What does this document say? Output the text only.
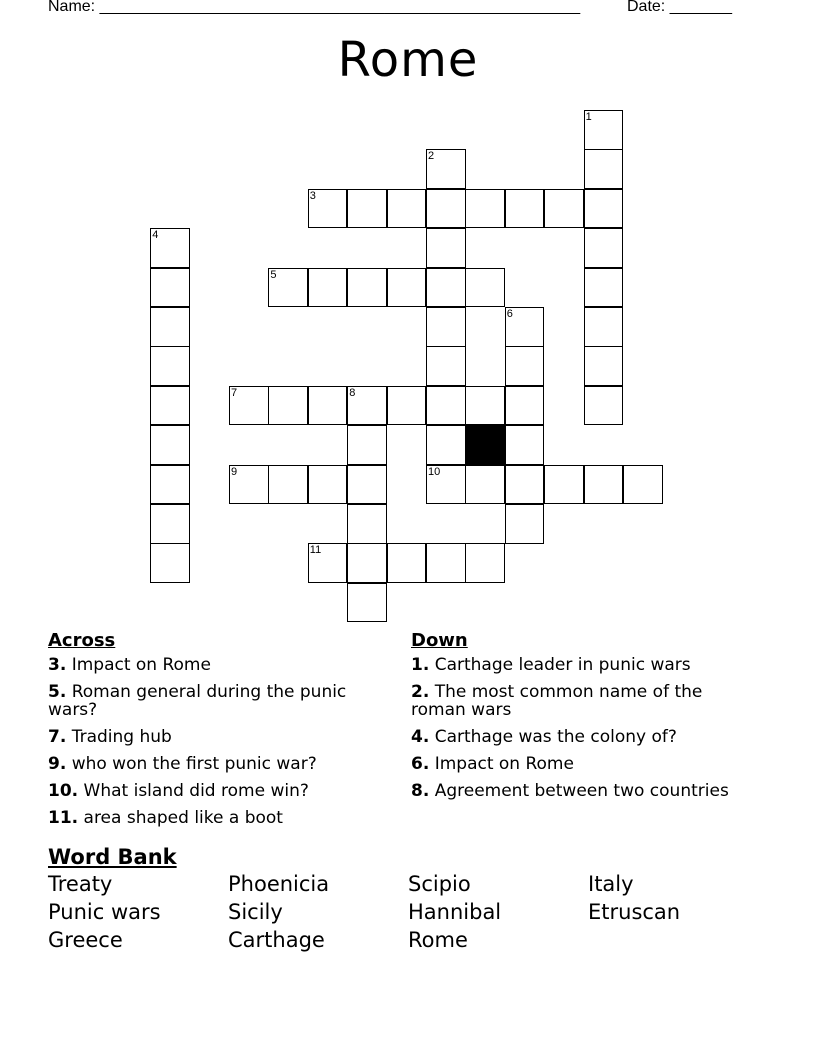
Name: ______________________________________________________	Date: _______
Rome
1
2
3
4
5
6
7	8
9	10
11
Across
3. Impact on Rome
5. Roman general during the punic wars?
7. Trading hub
9. who won the first punic war?
10. What island did rome win?
11. area shaped like a boot
Down
1. Carthage leader in punic wars
2. The most common name of the roman wars
4. Carthage was the colony of?
6. Impact on Rome
8. Agreement between two countries
Word Bank
Treaty	Phoenicia	Scipio	Italy
Punic wars	Sicily	Hannibal	Etruscan
Greece	Carthage	Rome
